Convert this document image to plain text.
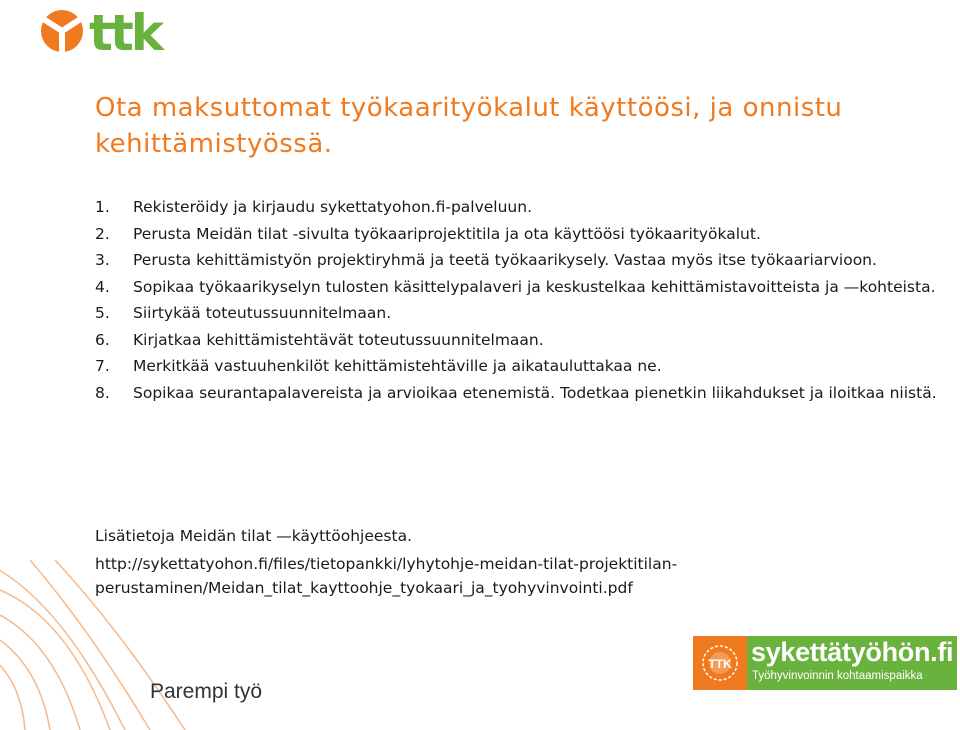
ttk
Ota maksuttomat työkaarityökalut käyttöösi, ja onnistu kehittämistyössä.
1. Rekisteröidy ja kirjaudu sykettatyohon.fi-palveluun.
2. Perusta Meidän tilat -sivulta työkaariprojektitila ja ota käyttöösi työkaarityökalut.
3. Perusta kehittämistyön projektiryhmä ja teetä työkaarikysely. Vastaa myös itse työkaariarvioon.
4. Sopikaa työkaarikyselyn tulosten käsittelypalaveri ja keskustelkaa kehittämistavoitteista ja —kohteista.
5. Siirtykää toteutussuunnitelmaan.
6. Kirjatkaa kehittämistehtävät toteutussuunnitelmaan.
7. Merkitkää vastuuhenkilöt kehittämistehtäville ja aikatauluttakaa ne.
8. Sopikaa seurantapalavereista ja arvioikaa etenemistä. Todetkaa pienetkin liikahdukset ja iloitkaa niistä.

Lisätietoja Meidän tilat —käyttöohjeesta.

http://sykettatyohon.fi/files/tietopankki/lyhytohje-meidan-tilat-projektitilan-perustaminen/Meidan_tilat_kayttoohje_tyokaari_ja_tyohyvinvointi.pdf

Parempi työ
TTK sykettätyöhön.fi
Työhyvinvoinnin kohtaamispaikka
